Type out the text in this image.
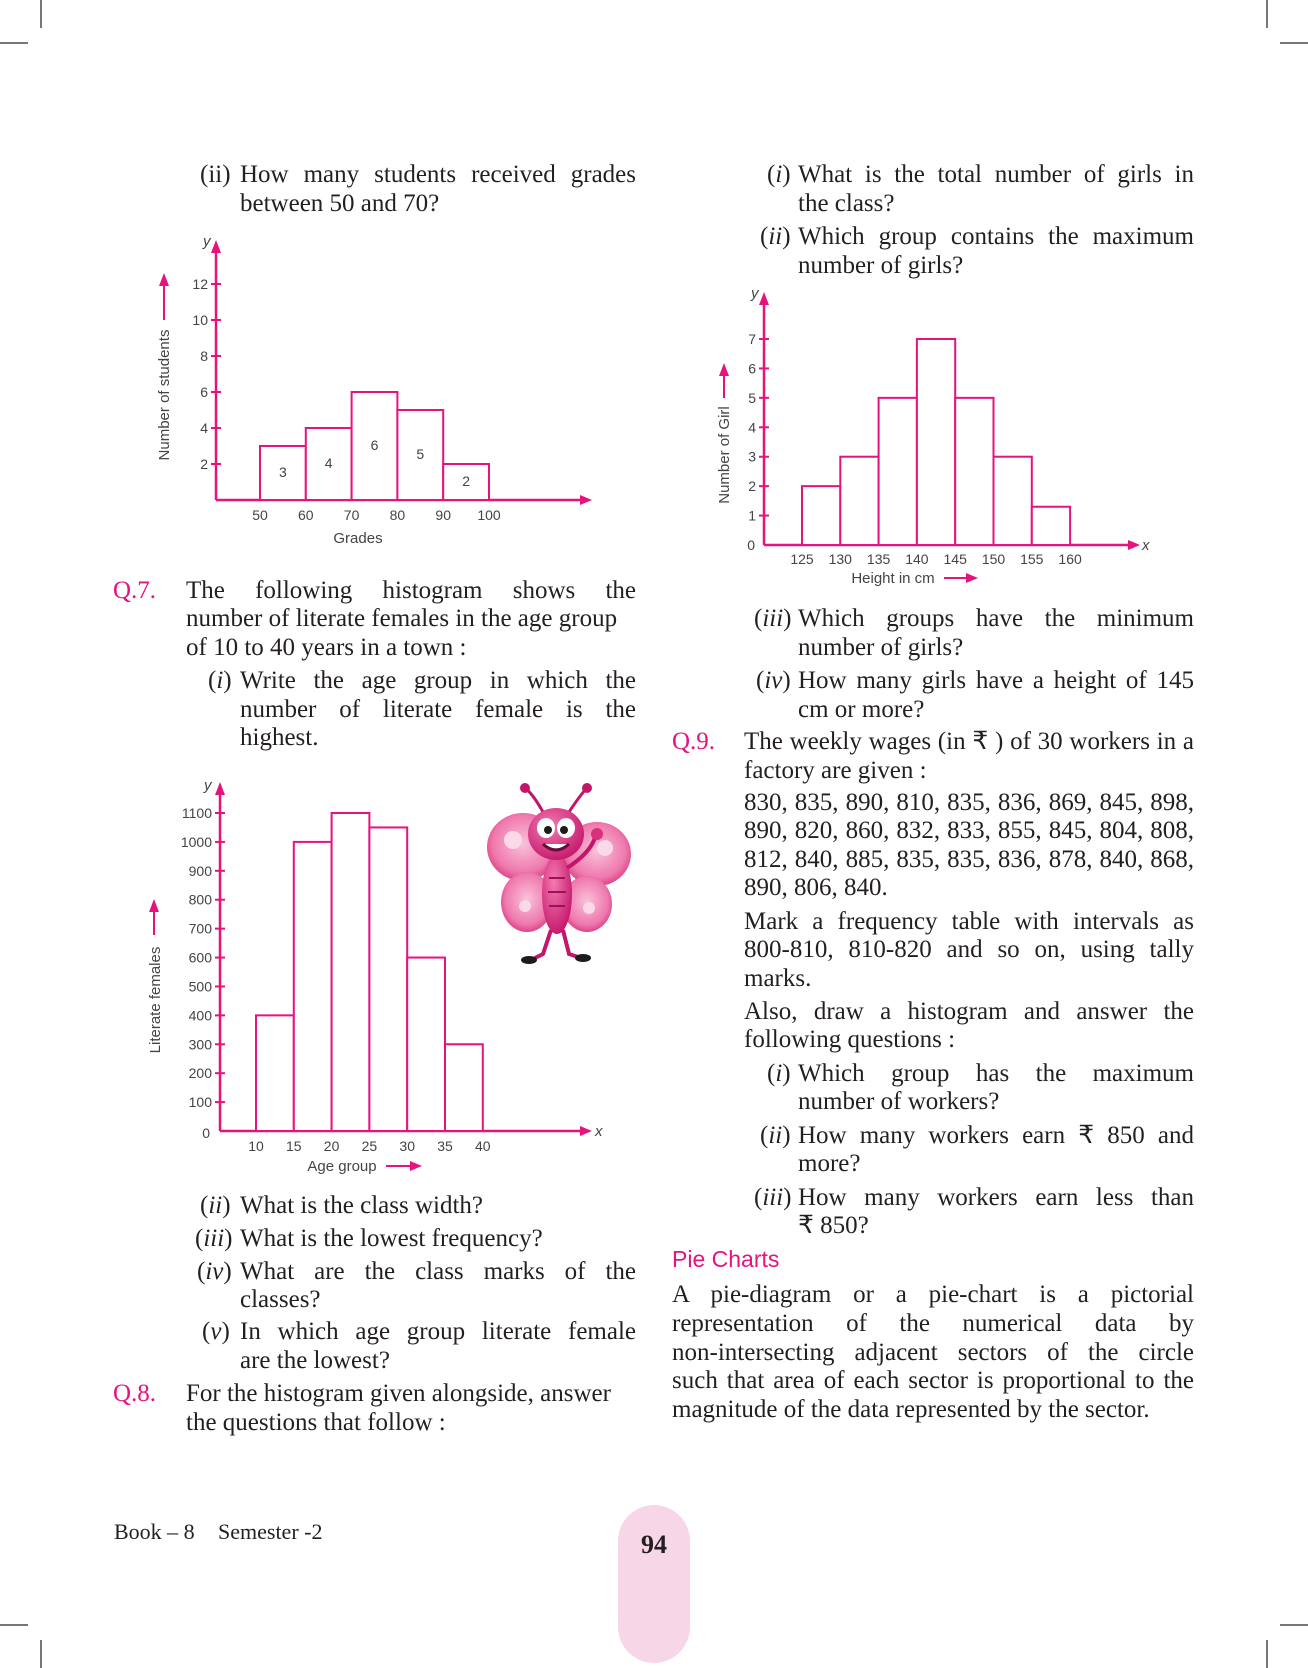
(ii) How many students received grades
between 50 and 70?
y
2
4
6
8
10
12
50 60 70 80 90 100
3
4
6
5
2
Grades
Number of students
Q.7. The following histogram shows the
number of literate females in the age group
of 10 to 40 years in a town :
(i) Write the age group in which the
number of literate female is the
highest.
y
x
0
100
200
300
400
500
600
700
800
900
1000
1100
10 15 20 25 30 35 40
Age group
Literate females
(ii) What is the class width?
(iii) What is the lowest frequency?
(iv) What are the class marks of the
classes?
(v) In which age group literate female
are the lowest?
Q.8. For the histogram given alongside, answer
the questions that follow :
(i) What is the total number of girls in
the class?
(ii) Which group contains the maximum
number of girls?
y
x
0
1
2
3
4
5
6
7
125 130 135 140 145 150 155 160
Height in cm
Number of Girl
(iii) Which groups have the minimum
number of girls?
(iv) How many girls have a height of 145
cm or more?
Q.9. The weekly wages (in ₹ ) of 30 workers in a
factory are given :
830, 835, 890, 810, 835, 836, 869, 845, 898,
890, 820, 860, 832, 833, 855, 845, 804, 808,
812, 840, 885, 835, 835, 836, 878, 840, 868,
890, 806, 840.
Mark a frequency table with intervals as
800-810, 810-820 and so on, using tally
marks.
Also, draw a histogram and answer the
following questions :
(i) Which group has the maximum
number of workers?
(ii) How many workers earn ₹ 850 and
more?
(iii) How many workers earn less than
₹ 850?
Pie Charts
A pie-diagram or a pie-chart is a pictorial
representation of the numerical data by
non-intersecting adjacent sectors of the circle
such that area of each sector is proportional to the
magnitude of the data represented by the sector.
Book – 8 Semester -2	94
